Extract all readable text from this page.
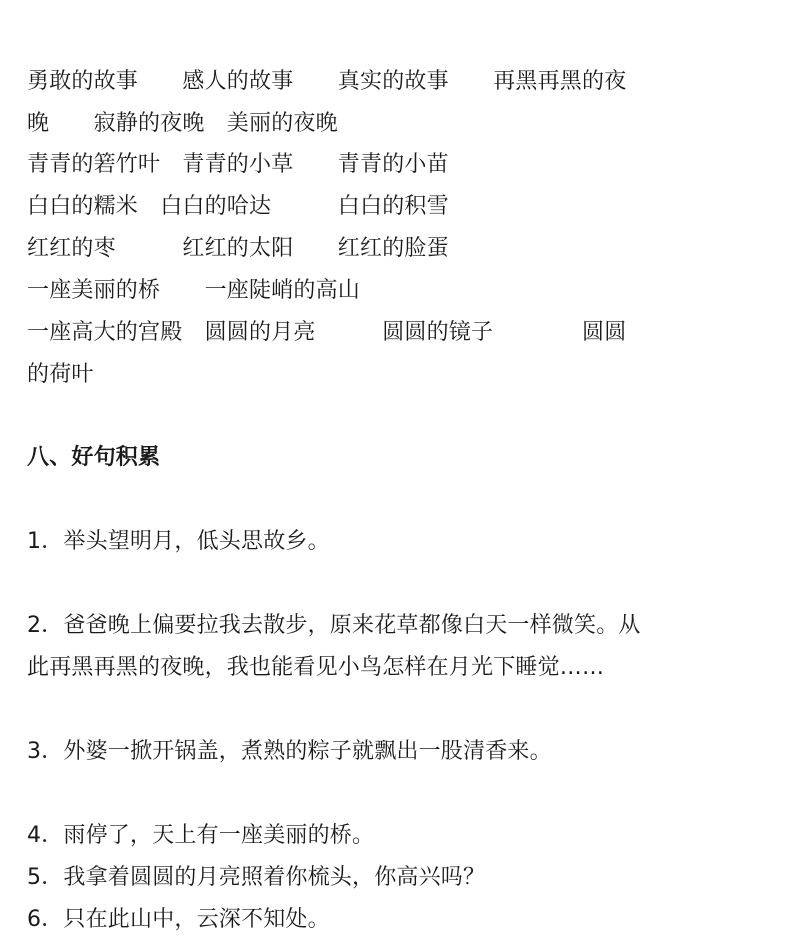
勇敢的故事　　感人的故事　　真实的故事　　再黑再黑的夜
晚　　寂静的夜晚　美丽的夜晚
青青的箬竹叶　青青的小草　　青青的小苗
白白的糯米　白白的哈达　　　白白的积雪
红红的枣　　　红红的太阳　　红红的脸蛋
一座美丽的桥　　一座陡峭的高山
一座高大的宫殿　圆圆的月亮　　　圆圆的镜子　　　　圆圆
的荷叶
八、好句积累
1．举头望明月，低头思故乡。
2．爸爸晚上偏要拉我去散步，原来花草都像白天一样微笑。从
此再黑再黑的夜晚，我也能看见小鸟怎样在月光下睡觉……
3．外婆一掀开锅盖，煮熟的粽子就飘出一股清香来。
4．雨停了，天上有一座美丽的桥。
5．我拿着圆圆的月亮照着你梳头，你高兴吗？
6．只在此山中，云深不知处。
